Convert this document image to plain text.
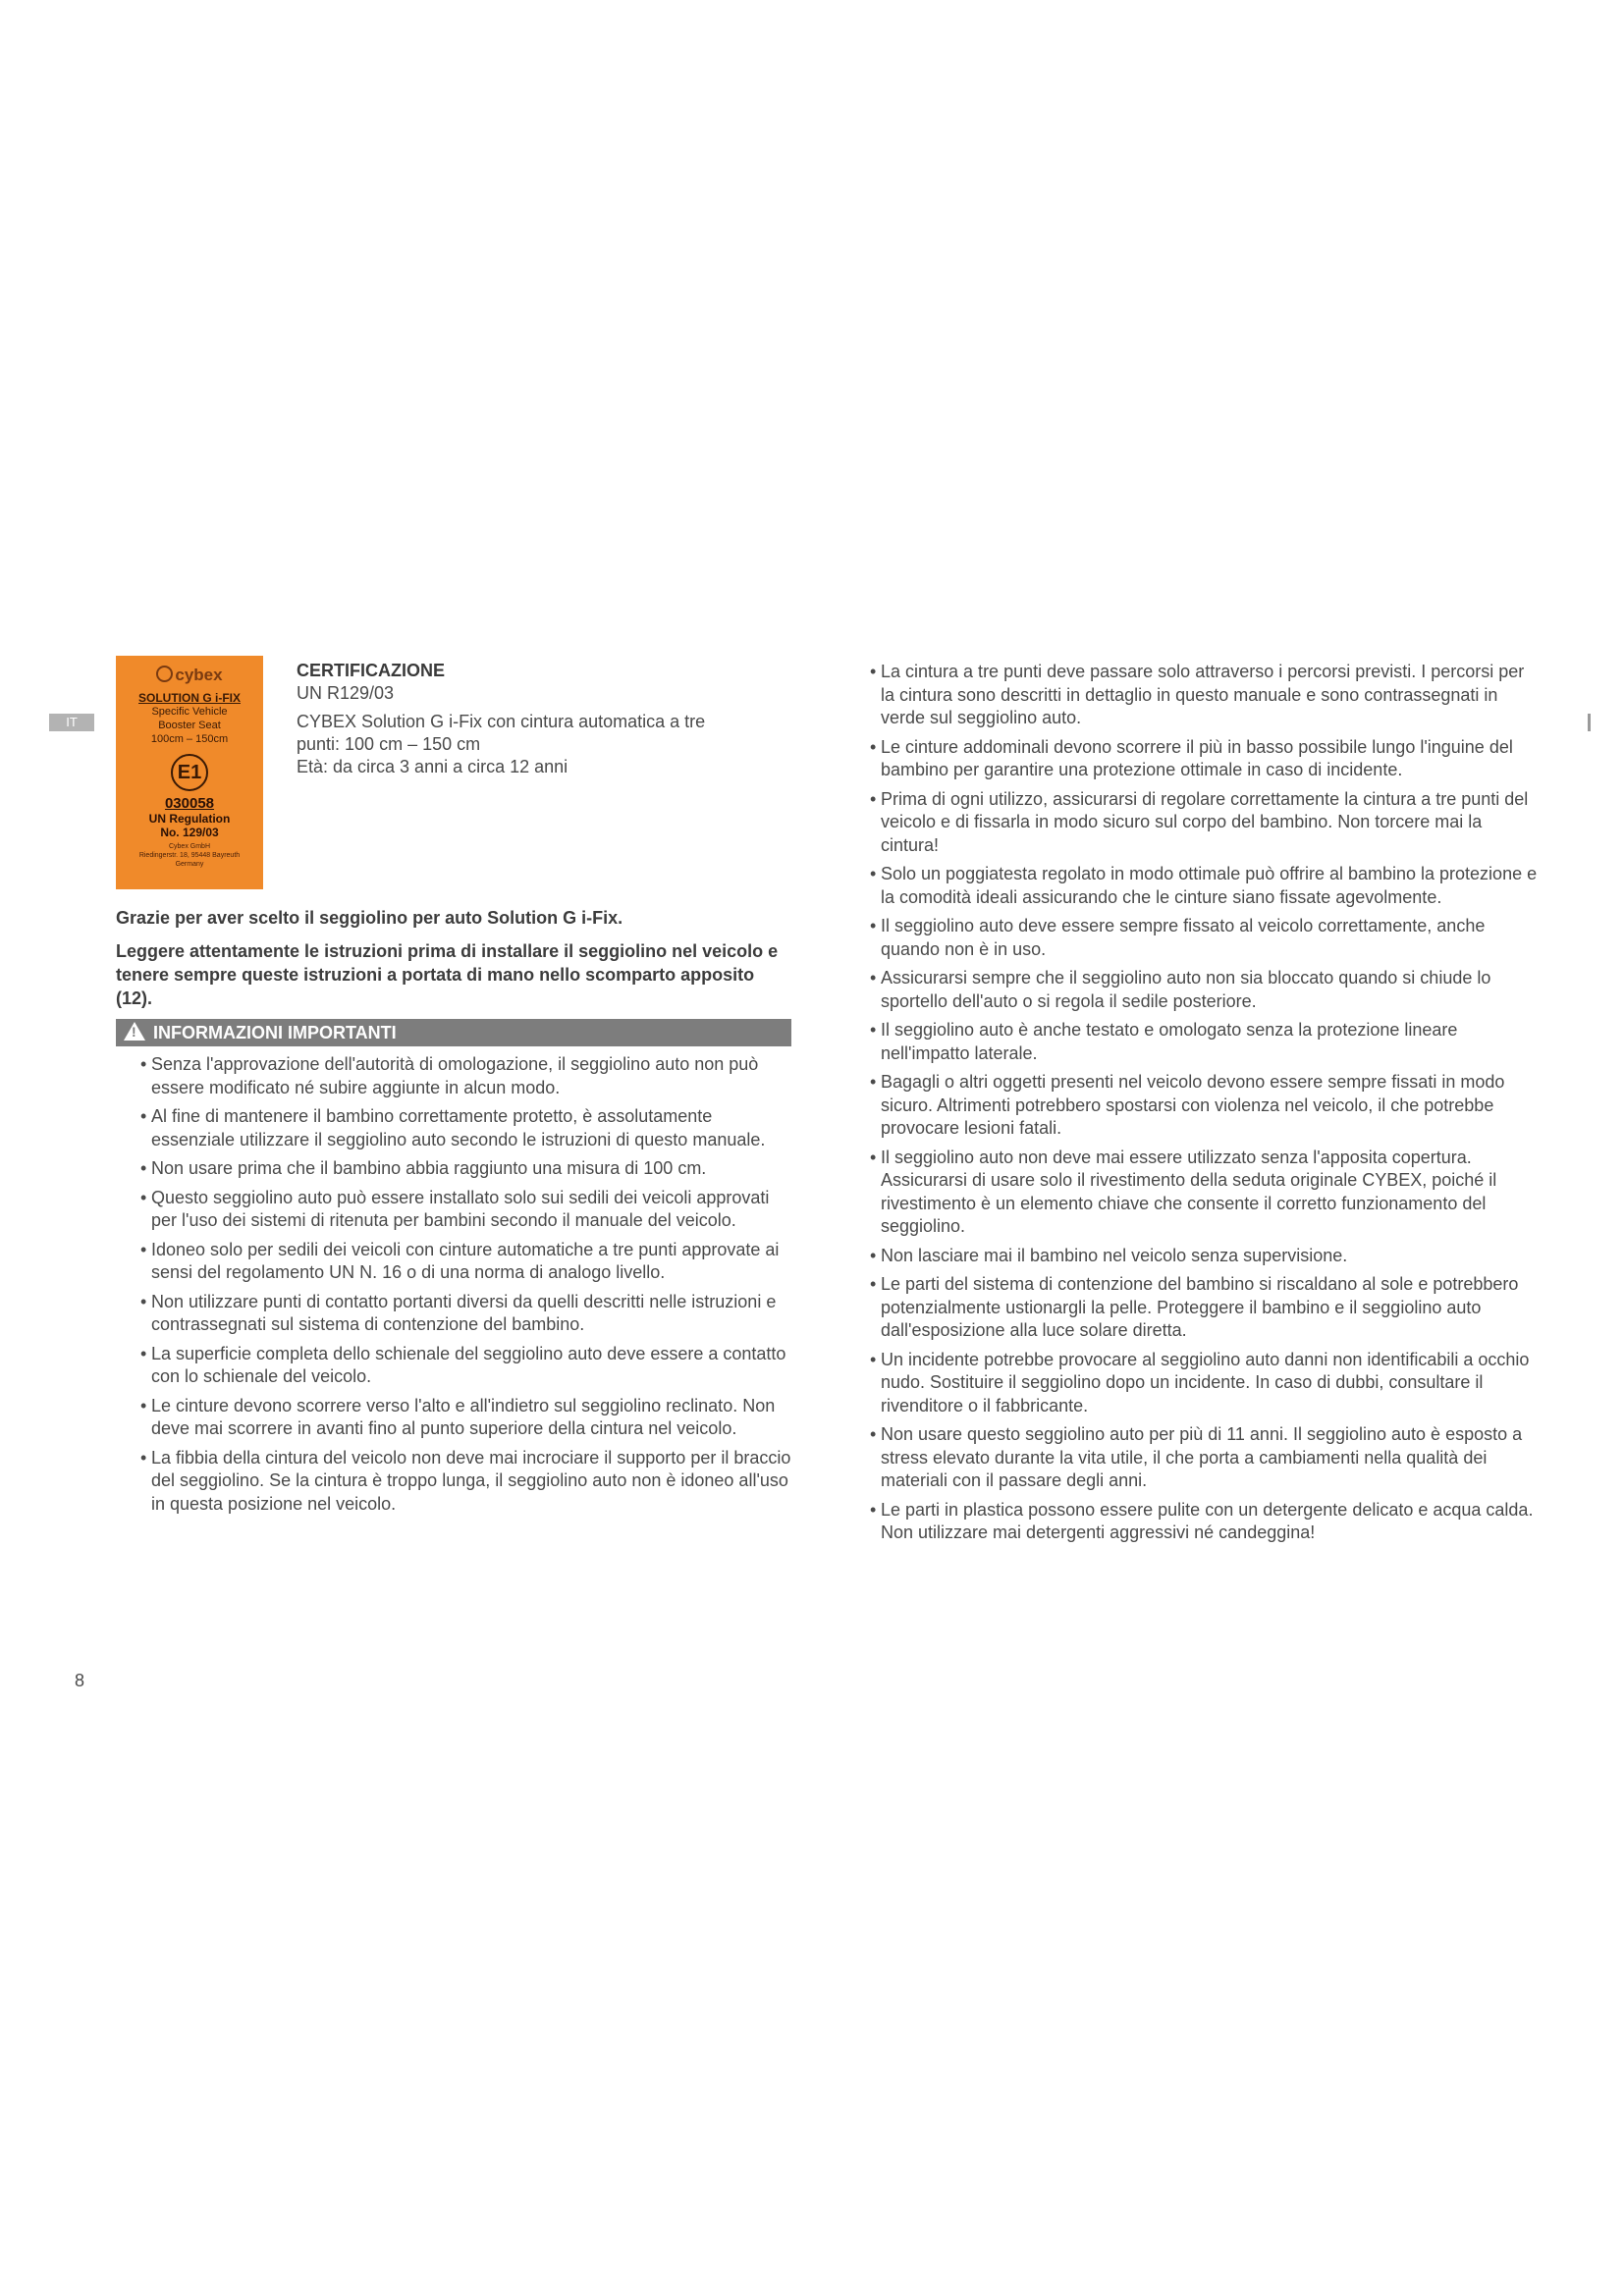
IT
cybex
SOLUTION G i-FIX
Specific Vehicle
Booster Seat
100cm – 150cm
E1
030058
UN Regulation
No. 129/03
Cybex GmbH
Riedingerstr. 18, 95448 Bayreuth
Germany

CERTIFICAZIONE

UN R129/03

CYBEX Solution G i-Fix con cintura automatica a tre

punti: 100 cm – 150 cm

Età: da circa 3 anni a circa 12 anni

Grazie per aver scelto il seggiolino per auto Solution G i-Fix.

Leggere attentamente le istruzioni prima di installare il seggiolino nel veicolo e tenere sempre queste istruzioni a portata di mano nello scomparto apposito (12).

!INFORMAZIONI IMPORTANTI
• Senza l'approvazione dell'autorità di omologazione, il seggiolino auto non può essere modificato né subire aggiunte in alcun modo.
• Al fine di mantenere il bambino correttamente protetto, è assolutamente essenziale utilizzare il seggiolino auto secondo le istruzioni di questo manuale.
• Non usare prima che il bambino abbia raggiunto una misura di 100 cm.
• Questo seggiolino auto può essere installato solo sui sedili dei veicoli approvati per l'uso dei sistemi di ritenuta per bambini secondo il manuale del veicolo.
• Idoneo solo per sedili dei veicoli con cinture automatiche a tre punti approvate ai sensi del regolamento UN N. 16 o di una norma di analogo livello.
• Non utilizzare punti di contatto portanti diversi da quelli descritti nelle istruzioni e contrassegnati sul sistema di contenzione del bambino.
• La superficie completa dello schienale del seggiolino auto deve essere a contatto con lo schienale del veicolo.
• Le cinture devono scorrere verso l'alto e all'indietro sul seggiolino reclinato. Non deve mai scorrere in avanti fino al punto superiore della cintura nel veicolo.
• La fibbia della cintura del veicolo non deve mai incrociare il supporto per il braccio del seggiolino. Se la cintura è troppo lunga, il seggiolino auto non è idoneo all'uso in questa posizione nel veicolo.
• La cintura a tre punti deve passare solo attraverso i percorsi previsti. I percorsi per la cintura sono descritti in dettaglio in questo manuale e sono contrassegnati in verde sul seggiolino auto.
• Le cinture addominali devono scorrere il più in basso possibile lungo l'inguine del bambino per garantire una protezione ottimale in caso di incidente.
• Prima di ogni utilizzo, assicurarsi di regolare correttamente la cintura a tre punti del veicolo e di fissarla in modo sicuro sul corpo del bambino. Non torcere mai la cintura!
• Solo un poggiatesta regolato in modo ottimale può offrire al bambino la protezione e la comodità ideali assicurando che le cinture siano fissate agevolmente.
• Il seggiolino auto deve essere sempre fissato al veicolo correttamente, anche quando non è in uso.
• Assicurarsi sempre che il seggiolino auto non sia bloccato quando si chiude lo sportello dell'auto o si regola il sedile posteriore.
• Il seggiolino auto è anche testato e omologato senza la protezione lineare nell'impatto laterale.
• Bagagli o altri oggetti presenti nel veicolo devono essere sempre fissati in modo sicuro. Altrimenti potrebbero spostarsi con violenza nel veicolo, il che potrebbe provocare lesioni fatali.
• Il seggiolino auto non deve mai essere utilizzato senza l'apposita copertura. Assicurarsi di usare solo il rivestimento della seduta originale CYBEX, poiché il rivestimento è un elemento chiave che consente il corretto funzionamento del seggiolino.
• Non lasciare mai il bambino nel veicolo senza supervisione.
• Le parti del sistema di contenzione del bambino si riscaldano al sole e potrebbero potenzialmente ustionargli la pelle. Proteggere il bambino e il seggiolino auto dall'esposizione alla luce solare diretta.
• Un incidente potrebbe provocare al seggiolino auto danni non identificabili a occhio nudo. Sostituire il seggiolino dopo un incidente. In caso di dubbi, consultare il rivenditore o il fabbricante.
• Non usare questo seggiolino auto per più di 11 anni. Il seggiolino auto è esposto a stress elevato durante la vita utile, il che porta a cambiamenti nella qualità dei materiali con il passare degli anni.
• Le parti in plastica possono essere pulite con un detergente delicato e acqua calda. Non utilizzare mai detergenti aggressivi né candeggina!
8
